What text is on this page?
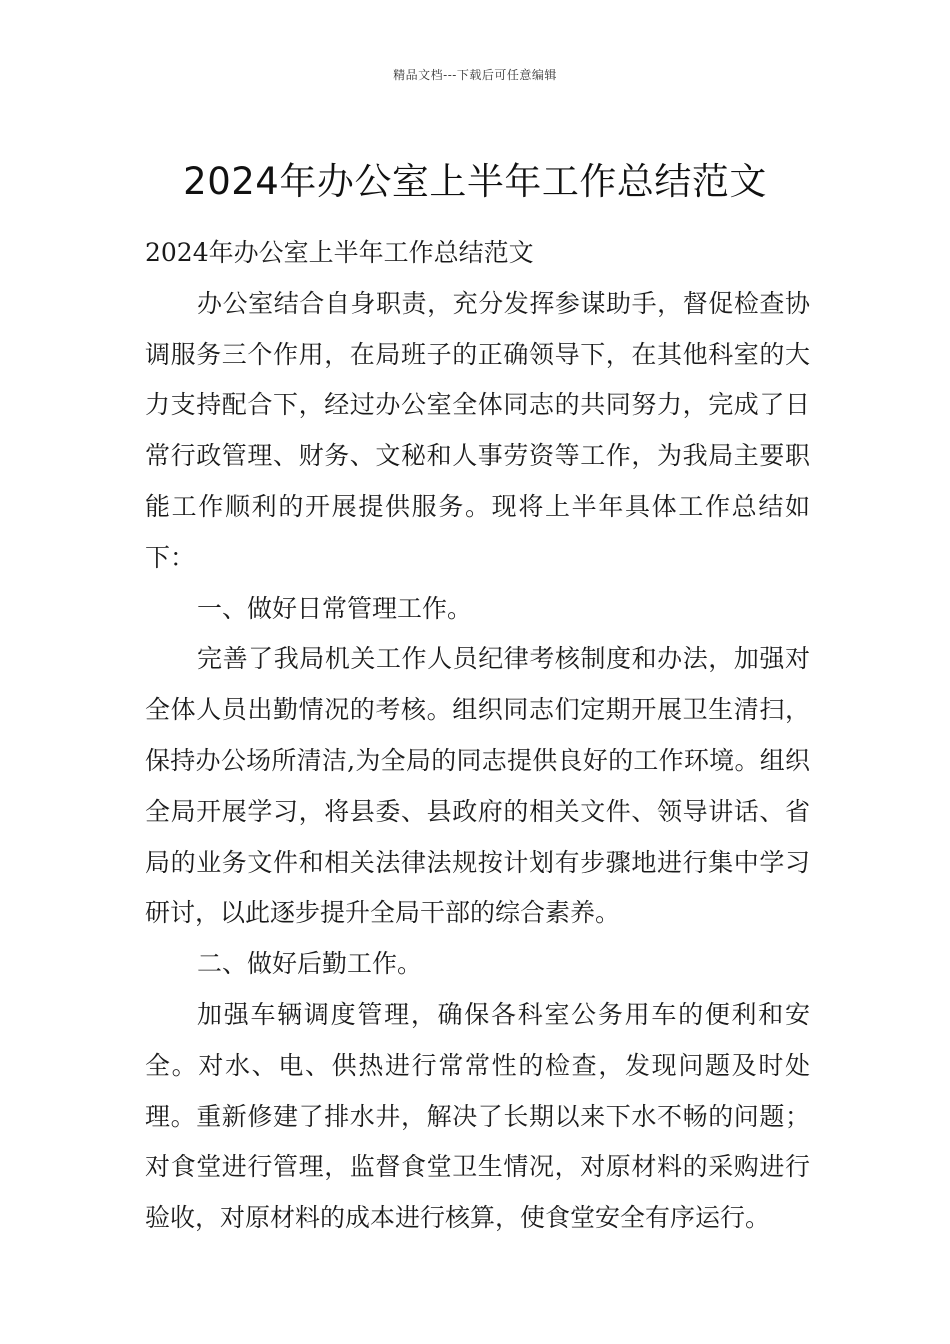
精品文档---下载后可任意编辑
2024年办公室上半年工作总结范文

2024年办公室上半年工作总结范文

办公室结合自身职责，充分发挥参谋助手，督促检查协调服务三个作用，在局班子的正确领导下，在其他科室的大力支持配合下，经过办公室全体同志的共同努力，完成了日常行政管理、财务、文秘和人事劳资等工作，为我局主要职能工作顺利的开展提供服务。现将上半年具体工作总结如下：

一、做好日常管理工作。

完善了我局机关工作人员纪律考核制度和办法，加强对全体人员出勤情况的考核。组织同志们定期开展卫生清扫，保持办公场所清洁,为全局的同志提供良好的工作环境。组织全局开展学习，将县委、县政府的相关文件、领导讲话、省局的业务文件和相关法律法规按计划有步骤地进行集中学习研讨，以此逐步提升全局干部的综合素养。

二、做好后勤工作。

加强车辆调度管理，确保各科室公务用车的便利和安全。对水、电、供热进行常常性的检查，发现问题及时处理。重新修建了排水井，解决了长期以来下水不畅的问题；对食堂进行管理，监督食堂卫生情况，对原材料的采购进行验收，对原材料的成本进行核算，使食堂安全有序运行。
